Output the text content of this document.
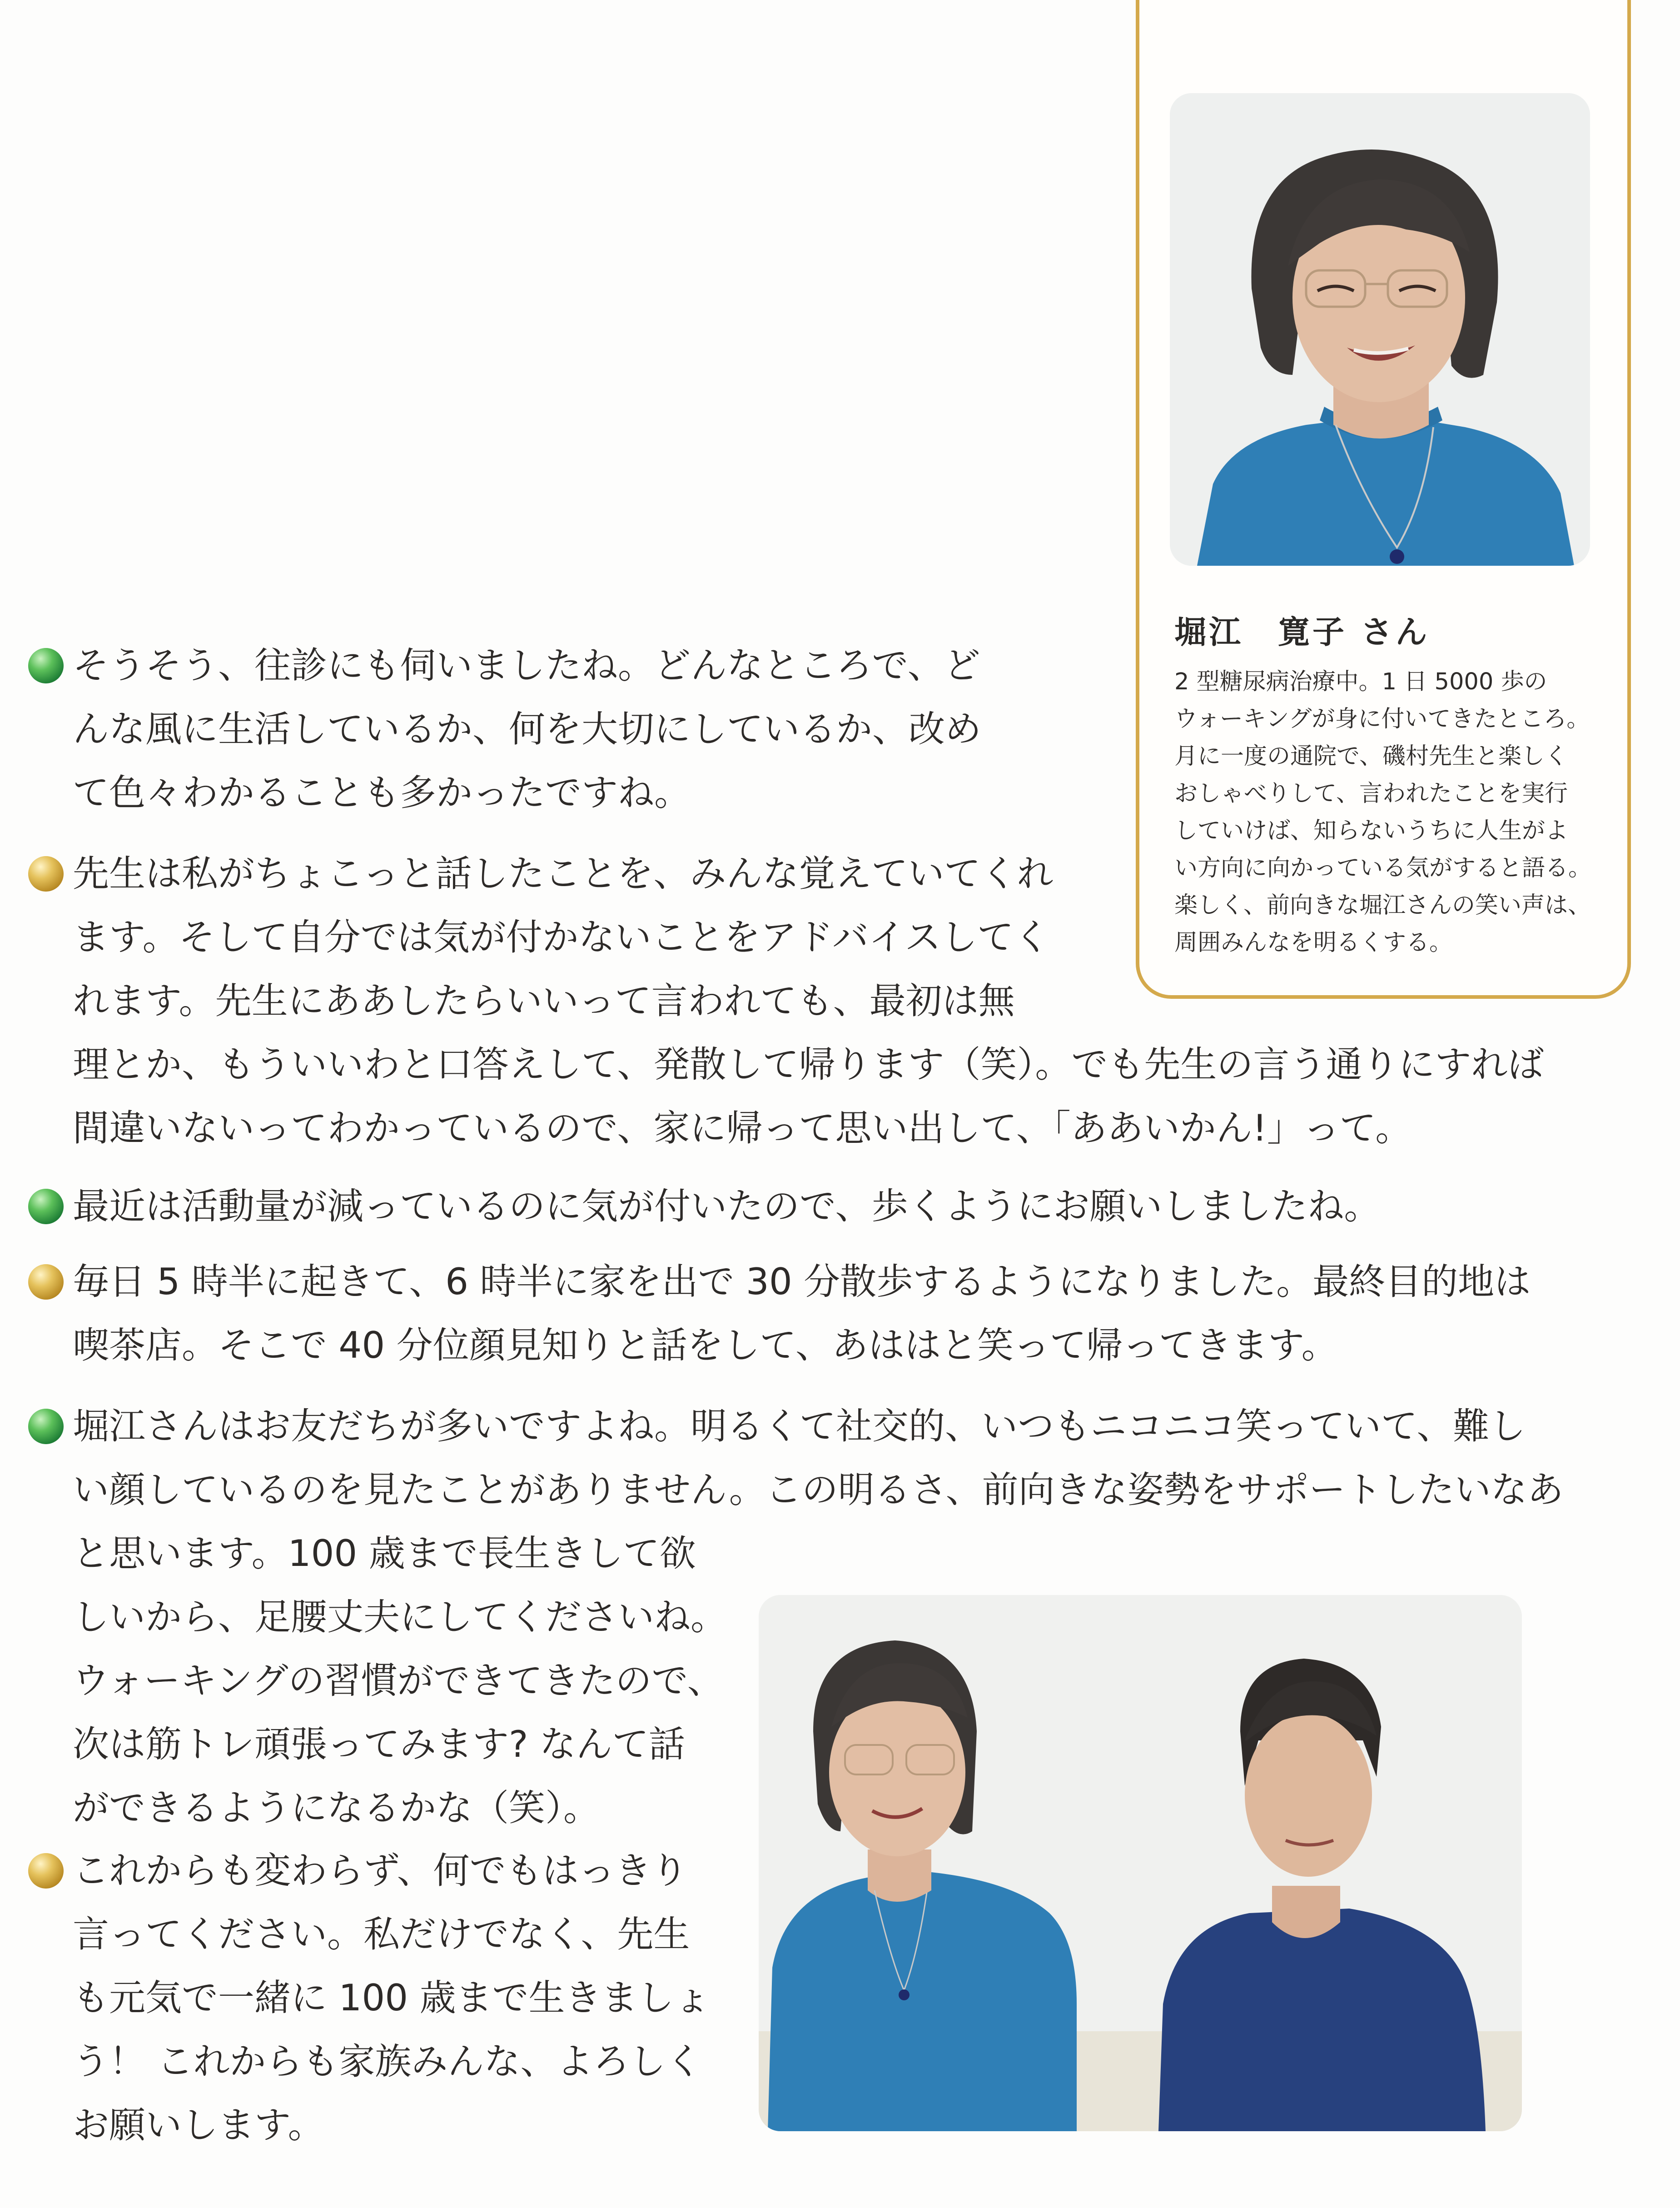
堀江　寛子 さん

2 型糖尿病治療中。1 日 5000 歩の
ウォーキングが身に付いてきたところ。
月に一度の通院で、磯村先生と楽しく
おしゃべりして、言われたことを実行
していけば、知らないうちに人生がよ
い方向に向かっている気がすると語る。
楽しく、前向きな堀江さんの笑い声は、
周囲みんなを明るくする。

そうそう、往診にも伺いましたね。どんなところで、ど
んな風に生活しているか、何を大切にしているか、改め
て色々わかることも多かったですね。

先生は私がちょこっと話したことを、みんな覚えていてくれ
ます。そして自分では気が付かないことをアドバイスしてく
れます。先生にああしたらいいって言われても、最初は無
理とか、もういいわと口答えして、発散して帰ります（笑）。でも先生の言う通りにすれば
間違いないってわかっているので、家に帰って思い出して、「ああいかん!」って。

最近は活動量が減っているのに気が付いたので、歩くようにお願いしましたね。

毎日 5 時半に起きて、6 時半に家を出で 30 分散歩するようになりました。最終目的地は
喫茶店。そこで 40 分位顔見知りと話をして、あははと笑って帰ってきます。

堀江さんはお友だちが多いですよね。明るくて社交的、いつもニコニコ笑っていて、難し
い顔しているのを見たことがありません。この明るさ、前向きな姿勢をサポートしたいなあ
と思います。100 歳まで長生きして欲
しいから、足腰丈夫にしてくださいね。
ウォーキングの習慣ができてきたので、
次は筋トレ頑張ってみます? なんて話
ができるようになるかな（笑）。

これからも変わらず、何でもはっきり
言ってください。私だけでなく、先生
も元気で一緒に 100 歳まで生きましょ
う！ これからも家族みんな、よろしく
お願いします。
